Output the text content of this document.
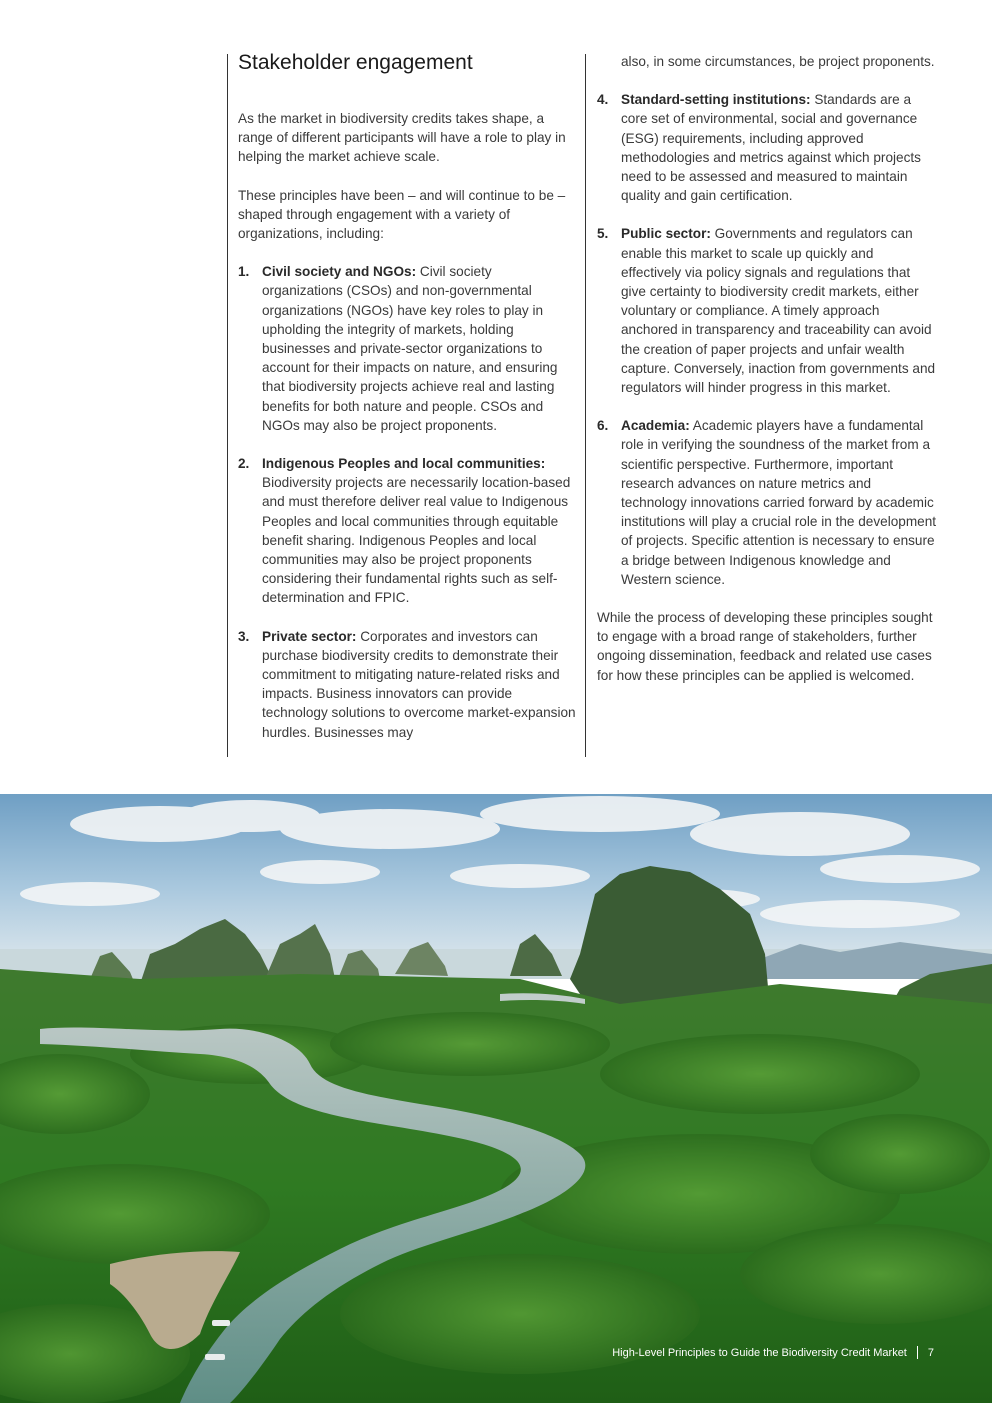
Stakeholder engagement

As the market in biodiversity credits takes shape, a range of different participants will have a role to play in helping the market achieve scale.

These principles have been – and will continue to be – shaped through engagement with a variety of organizations, including:

1. Civil society and NGOs: Civil society organizations (CSOs) and non-governmental organizations (NGOs) have key roles to play in upholding the integrity of markets, holding businesses and private-sector organizations to account for their impacts on nature, and ensuring that biodiversity projects achieve real and lasting benefits for both nature and people. CSOs and NGOs may also be project proponents.

2. Indigenous Peoples and local communities: Biodiversity projects are necessarily location-based and must therefore deliver real value to Indigenous Peoples and local communities through equitable benefit sharing. Indigenous Peoples and local communities may also be project proponents considering their fundamental rights such as self-determination and FPIC.

3. Private sector: Corporates and investors can purchase biodiversity credits to demonstrate their commitment to mitigating nature-related risks and impacts. Business innovators can provide technology solutions to overcome market-expansion hurdles. Businesses may

also, in some circumstances, be project proponents.

4. Standard-setting institutions: Standards are a core set of environmental, social and governance (ESG) requirements, including approved methodologies and metrics against which projects need to be assessed and measured to maintain quality and gain certification.

5. Public sector: Governments and regulators can enable this market to scale up quickly and effectively via policy signals and regulations that give certainty to biodiversity credit markets, either voluntary or compliance. A timely approach anchored in transparency and traceability can avoid the creation of paper projects and unfair wealth capture. Conversely, inaction from governments and regulators will hinder progress in this market.

6. Academia: Academic players have a fundamental role in verifying the soundness of the market from a scientific perspective. Furthermore, important research advances on nature metrics and technology innovations carried forward by academic institutions will play a crucial role in the development of projects. Specific attention is necessary to ensure a bridge between Indigenous knowledge and Western science.

While the process of developing these principles sought to engage with a broad range of stakeholders, further ongoing dissemination, feedback and related use cases for how these principles can be applied is welcomed.

High-Level Principles to Guide the Biodiversity Credit Market 7
